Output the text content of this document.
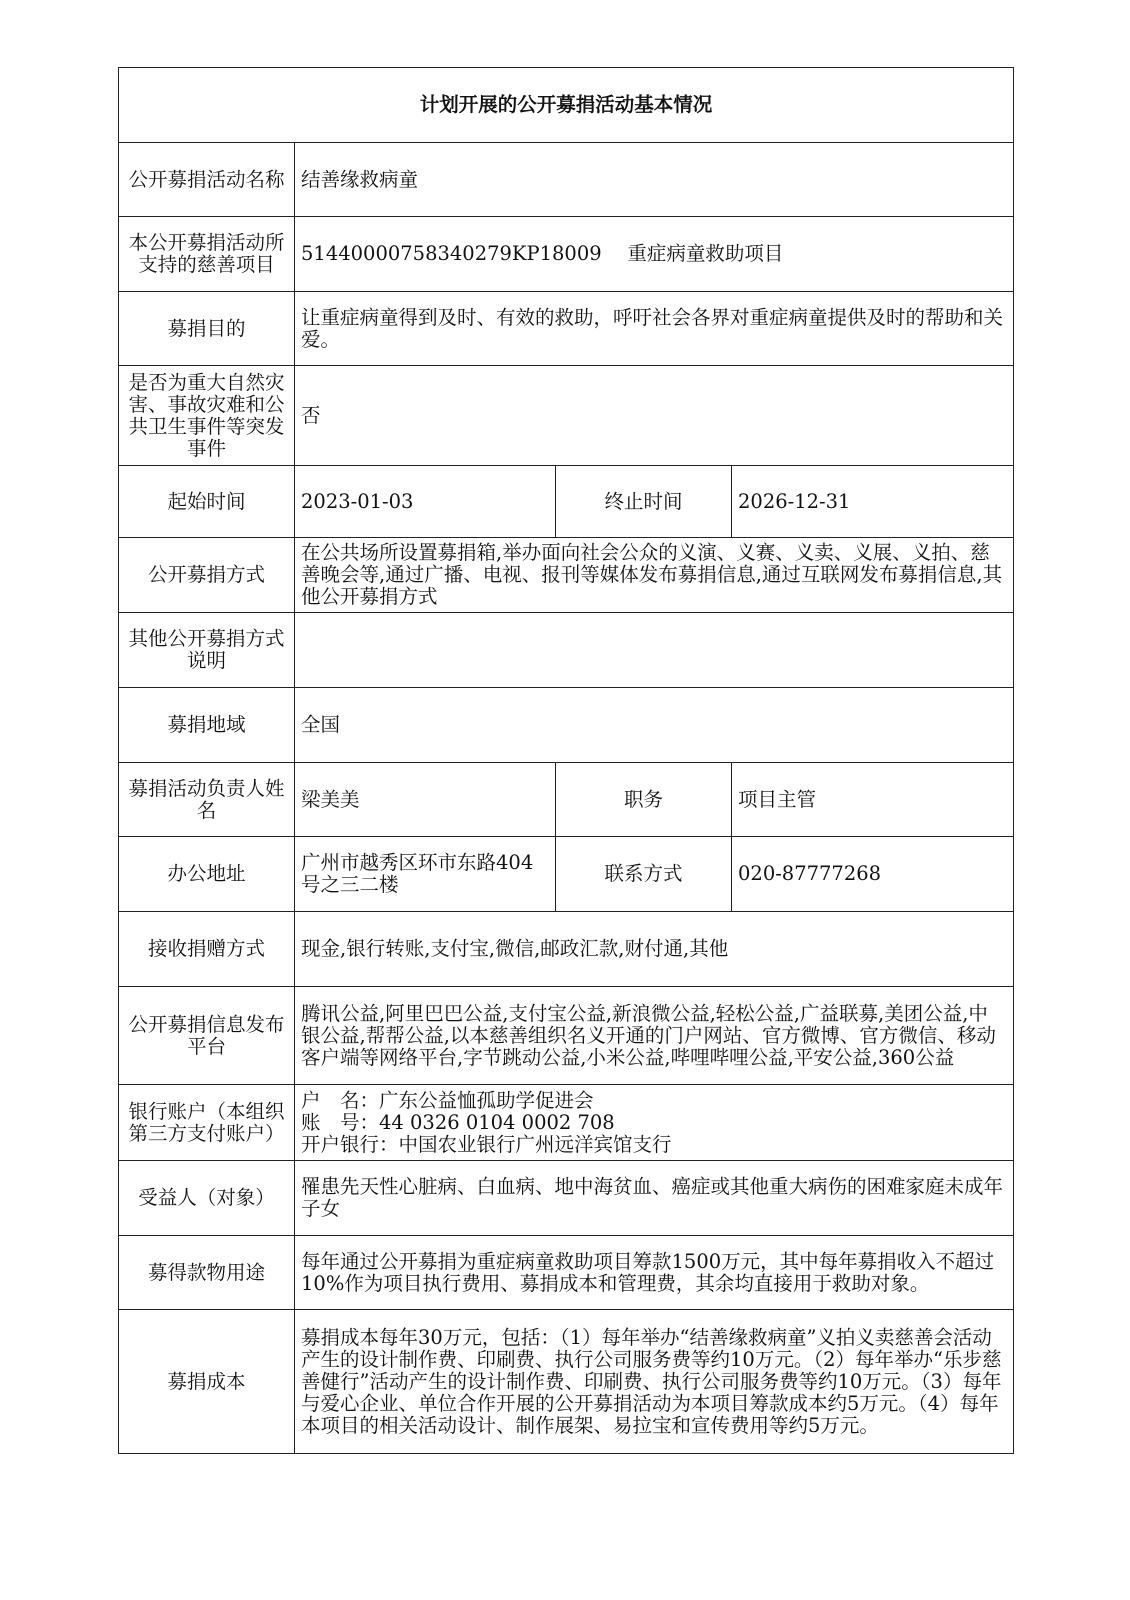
计划开展的公开募捐活动基本情况			
公开募捐活动名称	结善缘救病童		
本公开募捐活动所支持的慈善项目	51440000758340279KP18009　 重症病童救助项目		
募捐目的	让重症病童得到及时、有效的救助，呼吁社会各界对重症病童提供及时的帮助和关爱。		
是否为重大自然灾害、事故灾难和公共卫生事件等突发事件	否		
起始时间	2023-01-03	终止时间	2026-12-31
公开募捐方式	在公共场所设置募捐箱,举办面向社会公众的义演、义赛、义卖、义展、义拍、慈善晚会等,通过广播、电视、报刊等媒体发布募捐信息,通过互联网发布募捐信息,其他公开募捐方式		
其他公开募捐方式说明			
募捐地域	全国		
募捐活动负责人姓名	梁美美	职务	项目主管
办公地址	广州市越秀区环市东路404号之三二楼	联系方式	020-87777268
接收捐赠方式	现金,银行转账,支付宝,微信,邮政汇款,财付通,其他		
公开募捐信息发布平台	腾讯公益,阿里巴巴公益,支付宝公益,新浪微公益,轻松公益,广益联募,美团公益,中银公益,帮帮公益,以本慈善组织名义开通的门户网站、官方微博、官方微信、移动客户端等网络平台,字节跳动公益,小米公益,哔哩哔哩公益,平安公益,360公益		
银行账户（本组织第三方支付账户）	户　名：广东公益恤孤助学促进会
账　号：44 0326 0104 0002 708
开户银行：中国农业银行广州远洋宾馆支行		

受益人（对象）	罹患先天性心脏病、白血病、地中海贫血、癌症或其他重大病伤的困难家庭未成年子女		
募得款物用途	每年通过公开募捐为重症病童救助项目筹款1500万元，其中每年募捐收入不超过10%作为项目执行费用、募捐成本和管理费，其余均直接用于救助对象。		
募捐成本	募捐成本每年30万元，包括：（1）每年举办“结善缘救病童”义拍义卖慈善会活动产生的设计制作费、印刷费、执行公司服务费等约10万元。（2）每年举办“乐步慈善健行”活动产生的设计制作费、印刷费、执行公司服务费等约10万元。（3）每年与爱心企业、单位合作开展的公开募捐活动为本项目筹款成本约5万元。（4）每年本项目的相关活动设计、制作展架、易拉宝和宣传费用等约5万元。		
